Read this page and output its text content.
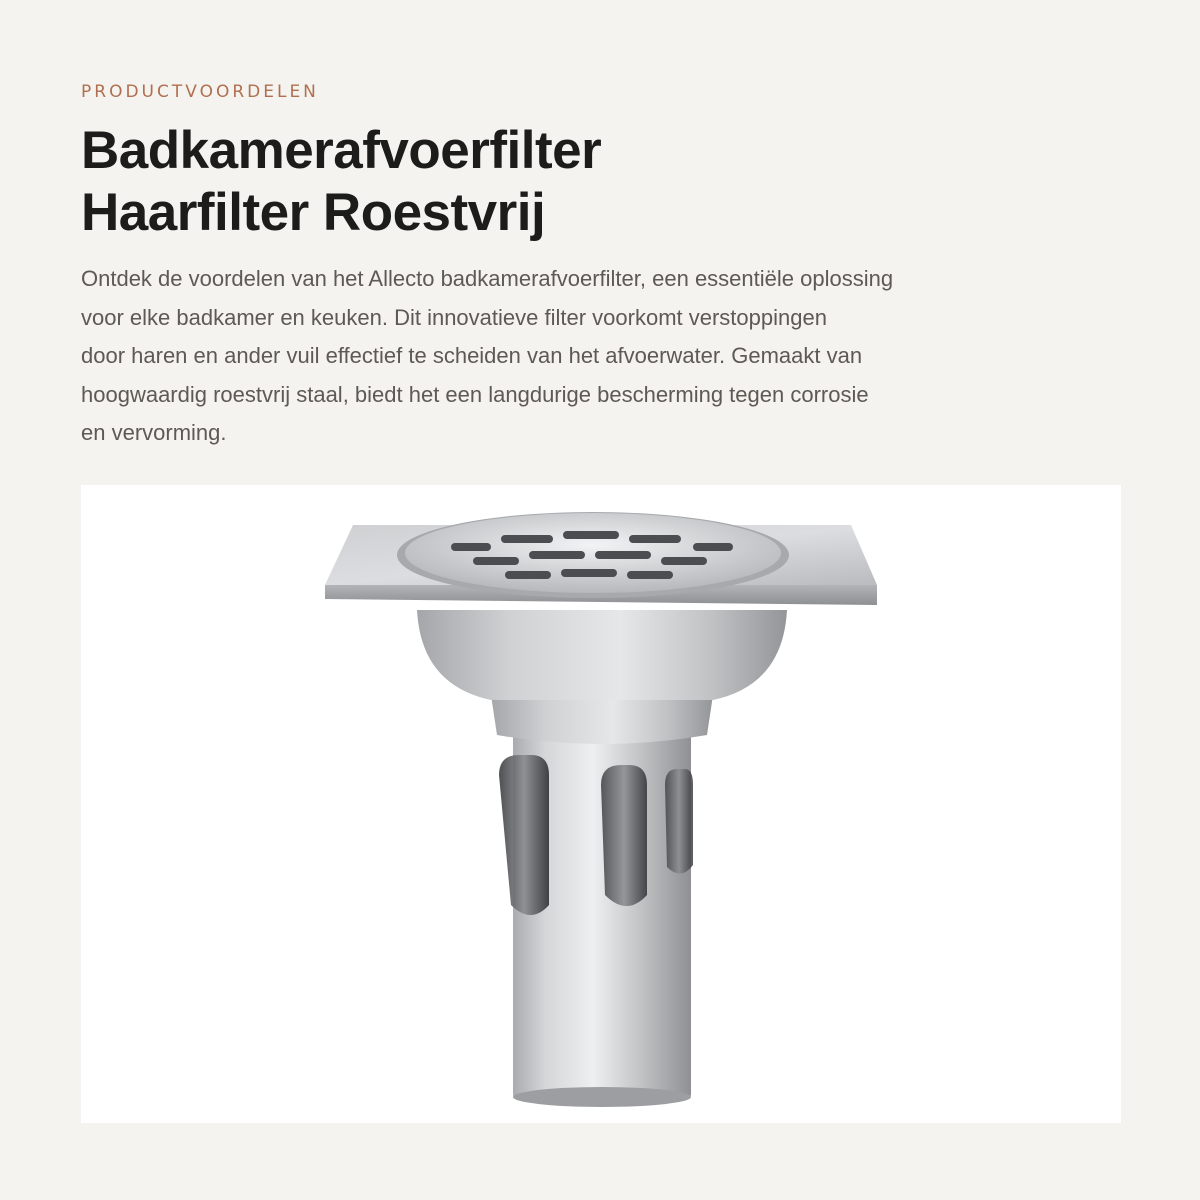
PRODUCTVOORDELEN

Badkamerafvoerfilter
Haarfilter Roestvrij

Ontdek de voordelen van het Allecto badkamerafvoerfilter, een essentiële oplossing
voor elke badkamer en keuken. Dit innovatieve filter voorkomt verstoppingen
door haren en ander vuil effectief te scheiden van het afvoerwater. Gemaakt van
hoogwaardig roestvrij staal, biedt het een langdurige bescherming tegen corrosie
en vervorming.
